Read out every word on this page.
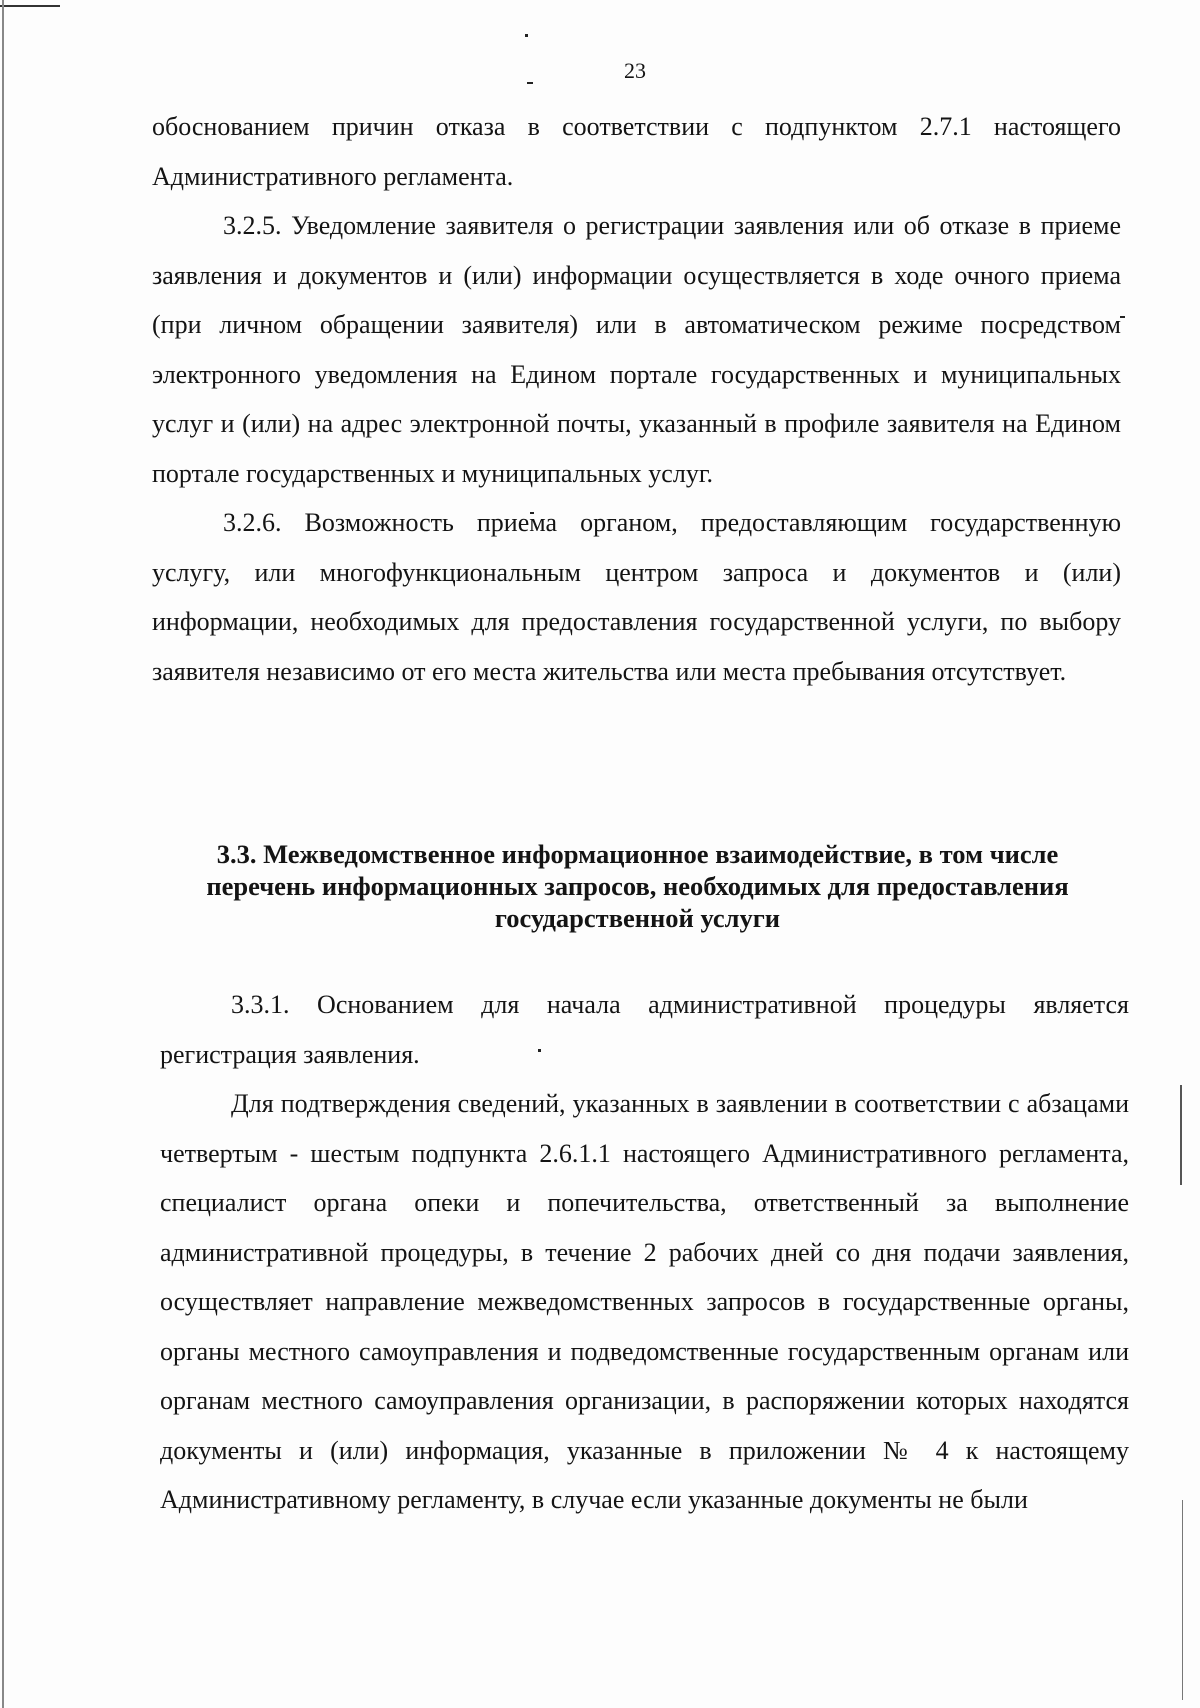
23

обоснованием причин отказа в соответствии с подпунктом 2.7.1 настоящего Административного регламента.

3.2.5. Уведомление заявителя о регистрации заявления или об отказе в приеме заявления и документов и (или) информации осуществляется в ходе очного приема (при личном обращении заявителя) или в автоматическом режиме посредством электронного уведомления на Едином портале государственных и муниципальных услуг и (или) на адрес электронной почты, указанный в профиле заявителя на Едином портале государственных и муниципальных услуг.

3.2.6. Возможность приема органом, предоставляющим государственную услугу, или многофункциональным центром запроса и документов и (или) информации, необходимых для предоставления государственной услуги, по выбору заявителя независимо от его места жительства или места пребывания отсутствует.

3.3. Межведомственное информационное взаимодействие, в том числе
перечень информационных запросов, необходимых для предоставления
государственной услуги

3.3.1. Основанием для начала административной процедуры является регистрация заявления.

Для подтверждения сведений, указанных в заявлении в соответствии с абзацами четвертым - шестым подпункта 2.6.1.1 настоящего Административного регламента, специалист органа опеки и попечительства, ответственный за выполнение административной процедуры, в течение 2 рабочих дней со дня подачи заявления, осуществляет направление межведомственных запросов в государственные органы, органы местного самоуправления и подведомственные государственным органам или органам местного самоуправления организации, в распоряжении которых находятся документы и (или) информация, указанные в приложении № 4 к настоящему Административному регламенту, в случае если указанные документы не были
